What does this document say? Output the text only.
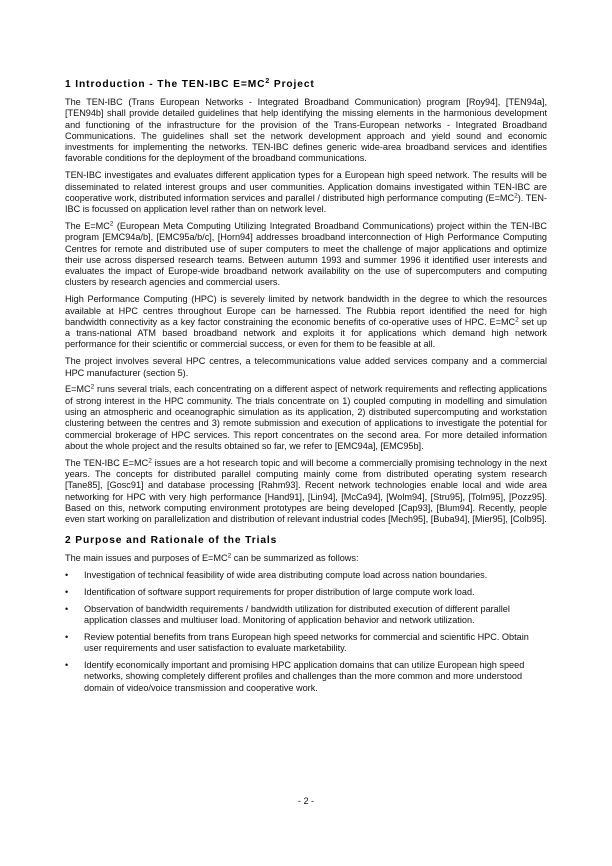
1 Introduction - The TEN-IBC $E=MC^2$ Project

The TEN-IBC (Trans European Networks - Integrated Broadband Communication) program [Roy94], [TEN94a], [TEN94b] shall provide detailed guidelines that help identifying the missing elements in the harmonious development and functioning of the infrastructure for the provision of the Trans-European networks - Integrated Broadband Communications. The guidelines shall set the network development approach and yield sound and economic investments for implementing the networks. TEN-IBC defines generic wide-area broadband services and identifies favorable conditions for the deployment of the broadband communications.

TEN-IBC investigates and evaluates different application types for a European high speed network. The results will be disseminated to related interest groups and user communities. Application domains investigated within TEN-IBC are cooperative work, distributed information services and parallel / distributed high performance computing $(E=MC^2)$. TEN-IBC is focussed on application level rather than on network level.

The $E=MC^2$ (European Meta Computing Utilizing Integrated Broadband Communications) project within the TEN-IBC program [EMC94a/b], [EMC95a/b/c], [Horn94] addresses broadband interconnection of High Performance Computing Centres for remote and distributed use of super computers to meet the challenge of major applications and optimize their use across dispersed research teams. Between autumn 1993 and summer 1996 it identified user interests and evaluates the impact of Europe-wide broadband network availability on the use of supercomputers and computing clusters by research agencies and commercial users.

High Performance Computing (HPC) is severely limited by network bandwidth in the degree to which the resources available at HPC centres throughout Europe can be harnessed. The Rubbia report identified the need for high bandwidth connectivity as a key factor constraining the economic benefits of co-operative uses of HPC. $E=MC^2$ set up a trans-national ATM based broadband network and exploits it for applications which demand high network performance for their scientific or commercial success, or even for them to be feasible at all.

The project involves several HPC centres, a telecommunications value added services company and a commercial HPC manufacturer (section 5).

$E=MC^2$ runs several trials, each concentrating on a different aspect of network requirements and reflecting applications of strong interest in the HPC community. The trials concentrate on 1) coupled computing in modelling and simulation using an atmospheric and oceanographic simulation as its application, 2) distributed supercomputing and workstation clustering between the centres and 3) remote submission and execution of applications to investigate the potential for commercial brokerage of HPC services. This report concentrates on the second area. For more detailed information about the whole project and the results obtained so far, we refer to [EMC94a], [EMC95b].

The TEN-IBC $E=MC^2$ issues are a hot research topic and will become a commercially promising technology in the next years. The concepts for distributed parallel computing mainly come from distributed operating system research [Tane85], [Gosc91] and database processing [Rahm93]. Recent network technologies enable local and wide area networking for HPC with very high performance [Hand91], [Lin94], [McCa94], [Wolm94], [Stru95], [Tolm95], [Pozz95]. Based on this, network computing environment prototypes are being developed [Cap93], [Blum94]. Recently, people even start working on parallelization and distribution of relevant industrial codes [Mech95], [Buba94], [Mier95], [Colb95].

2 Purpose and Rationale of the Trials

The main issues and purposes of $E=MC^2$ can be summarized as follows:

• Investigation of technical feasibility of wide area distributing compute load across nation boundaries.
• Identification of software support requirements for proper distribution of large compute work load.
• Observation of bandwidth requirements / bandwidth utilization for distributed execution of different parallel application classes and multiuser load. Monitoring of application behavior and network utilization.
• Review potential benefits from trans European high speed networks for commercial and scientific HPC. Obtain user requirements and user satisfaction to evaluate marketability.
• Identify economically important and promising HPC application domains that can utilize European high speed networks, showing completely different profiles and challenges than the more common and more understood domain of video/voice transmission and cooperative work.
- 2 -
